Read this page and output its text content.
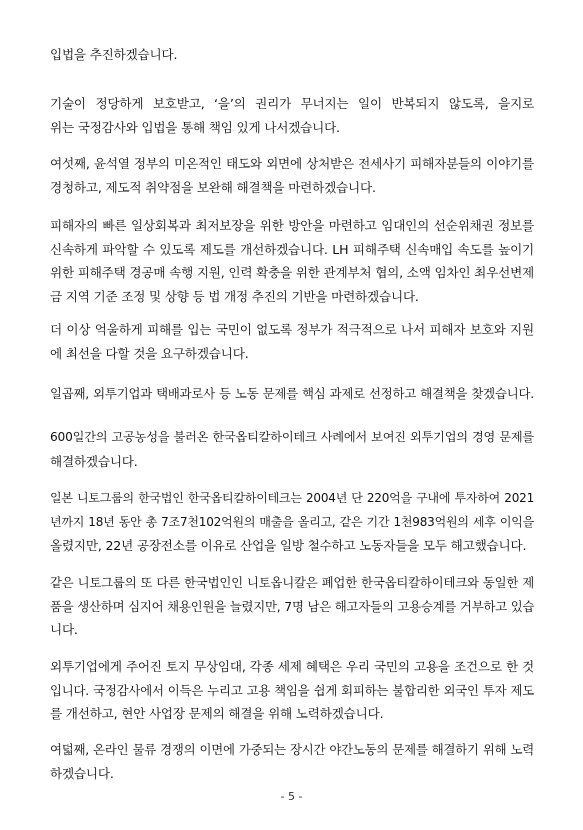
입법을 추진하겠습니다.
기술이 정당하게 보호받고, ‘을’의 권리가 무너지는 일이 반복되지 않도록, 을지로
위는 국정감사와 입법을 통해 책임 있게 나서겠습니다.
여섯째, 윤석열 정부의 미온적인 태도와 외면에 상처받은 전세사기 피해자분들의 이야기를
경청하고, 제도적 취약점을 보완해 해결책을 마련하겠습니다.
피해자의 빠른 일상회복과 최저보장을 위한 방안을 마련하고 임대인의 선순위채권 정보를
신속하게 파악할 수 있도록 제도를 개선하겠습니다. LH 피해주택 신속매입 속도를 높이기
위한 피해주택 경공매 속행 지원, 인력 확충을 위한 관계부처 협의, 소액 임차인 최우선변제
금 지역 기준 조정 및 상향 등 법 개정 추진의 기반을 마련하겠습니다.
더 이상 억울하게 피해를 입는 국민이 없도록 정부가 적극적으로 나서 피해자 보호와 지원
에 최선을 다할 것을 요구하겠습니다.
일곱째, 외투기업과 택배과로사 등 노동 문제를 핵심 과제로 선정하고 해결책을 찾겠습니다.
600일간의 고공농성을 불러온 한국옵티칼하이테크 사례에서 보여진 외투기업의 경영 문제를
해결하겠습니다.
일본 니토그룹의 한국법인 한국옵티칼하이테크는 2004년 단 220억을 구내에 투자하여 2021
년까지 18년 동안 총 7조7천102억원의 매출을 올리고, 같은 기간 1천983억원의 세후 이익을
올렸지만, 22년 공장전소를 이유로 산업을 일방 철수하고 노동자들을 모두 해고했습니다.
같은 니토그룹의 또 다른 한국법인인 니토옵니칼은 폐업한 한국옵티칼하이테크와 동일한 제
품을 생산하며 심지어 채용인원을 늘렸지만, 7명 남은 해고자들의 고용승계를 거부하고 있습
니다.
외투기업에게 주어진 토지 무상임대, 각종 세제 혜택은 우리 국민의 고용을 조건으로 한 것
입니다. 국정감사에서 이득은 누리고 고용 책임을 쉽게 회피하는 불합리한 외국인 투자 제도
를 개선하고, 현안 사업장 문제의 해결을 위해 노력하겠습니다.
여덟째, 온라인 물류 경쟁의 이면에 가중되는 장시간 야간노동의 문제를 해결하기 위해 노력
하겠습니다.
- 5 -
